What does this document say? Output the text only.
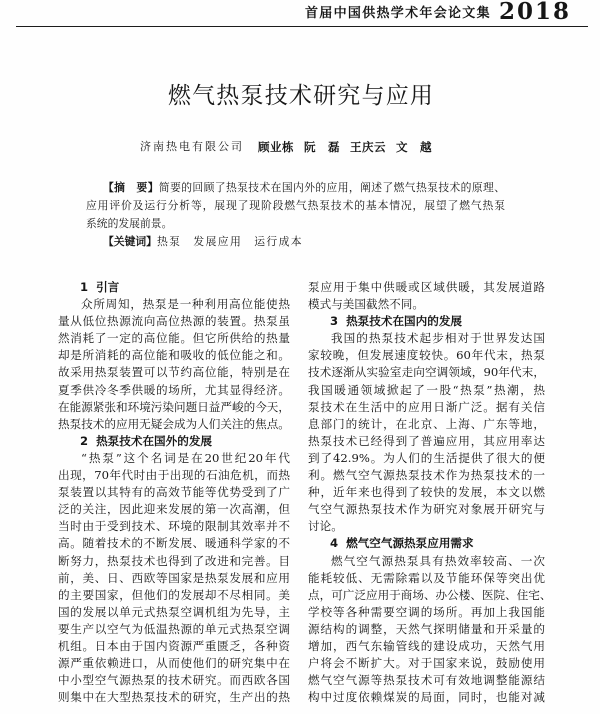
首届中国供热学术年会论文集 2018
燃气热泵技术研究与应用
济南热电有限公司 顾业栋 阮　磊 王庆云 文　越
【摘　要】简要的回顾了热泵技术在国内外的应用，阐述了燃气热泵技术的原理、
应用评价及运行分析等，展现了现阶段燃气热泵技术的基本情况，展望了燃气热泵
系统的发展前景。
【关键词】热泵 发展应用 运行成本
1 引言
众所周知，热泵是一种利用高位能使热
量从低位热源流向高位热源的装置。热泵虽
然消耗了一定的高位能。但它所供给的热量
却是所消耗的高位能和吸收的低位能之和。
故采用热泵装置可以节约高位能，特别是在
夏季供冷冬季供暖的场所，尤其显得经济。
在能源紧张和环境污染问题日益严峻的今天，
热泵技术的应用无疑会成为人们关注的焦点。
2 热泵技术在国外的发展
“热泵”这个名词是在20世纪20年代
出现，70年代时由于出现的石油危机，而热
泵装置以其特有的高效节能等优势受到了广
泛的关注，因此迎来发展的第一次高潮，但
当时由于受到技术、环境的限制其效率并不
高。随着技术的不断发展、暖通科学家的不
断努力，热泵技术也得到了改进和完善。目
前，美、日、西欧等国家是热泵发展和应用
的主要国家，但他们的发展却不尽相同。美
国的发展以单元式热泵空调机组为先导，主
要生产以空气为低温热源的单元式热泵空调
机组。日本由于国内资源严重匮乏，各种资
源严重依赖进口，从而使他们的研究集中在
中小型空气源热泵的技术研究。而西欧各国
则集中在大型热泵技术的研究，生产出的热
泵应用于集中供暖或区域供暖，其发展道路
模式与美国截然不同。
3 热泵技术在国内的发展
我国的热泵技术起步相对于世界发达国
家较晚，但发展速度较快。60年代末，热泵
技术逐渐从实验室走向空调领域，90年代末，
我国暖通领域掀起了一股“热泵”热潮，热
泵技术在生活中的应用日渐广泛。据有关信
息部门的统计，在北京、上海、广东等地，
热泵技术已经得到了普遍应用，其应用率达
到了42.9%。为人们的生活提供了很大的便
利。燃气空气源热泵技术作为热泵技术的一
种，近年来也得到了较快的发展，本文以燃
气空气源热泵技术作为研究对象展开研究与
讨论。
4 燃气空气源热泵应用需求
燃气空气源热泵具有热效率较高、一次
能耗较低、无需除霜以及节能环保等突出优
点，可广泛应用于商场、办公楼、医院、住宅、
学校等各种需要空调的场所。再加上我国能
源结构的调整，天然气探明储量和开采量的
增加，西气东输管线的建设成功，天然气用
户将会不断扩大。对于国家来说，鼓励使用
燃气空气源等热泵技术可有效地调整能源结
构中过度依赖煤炭的局面，同时，也能对减
